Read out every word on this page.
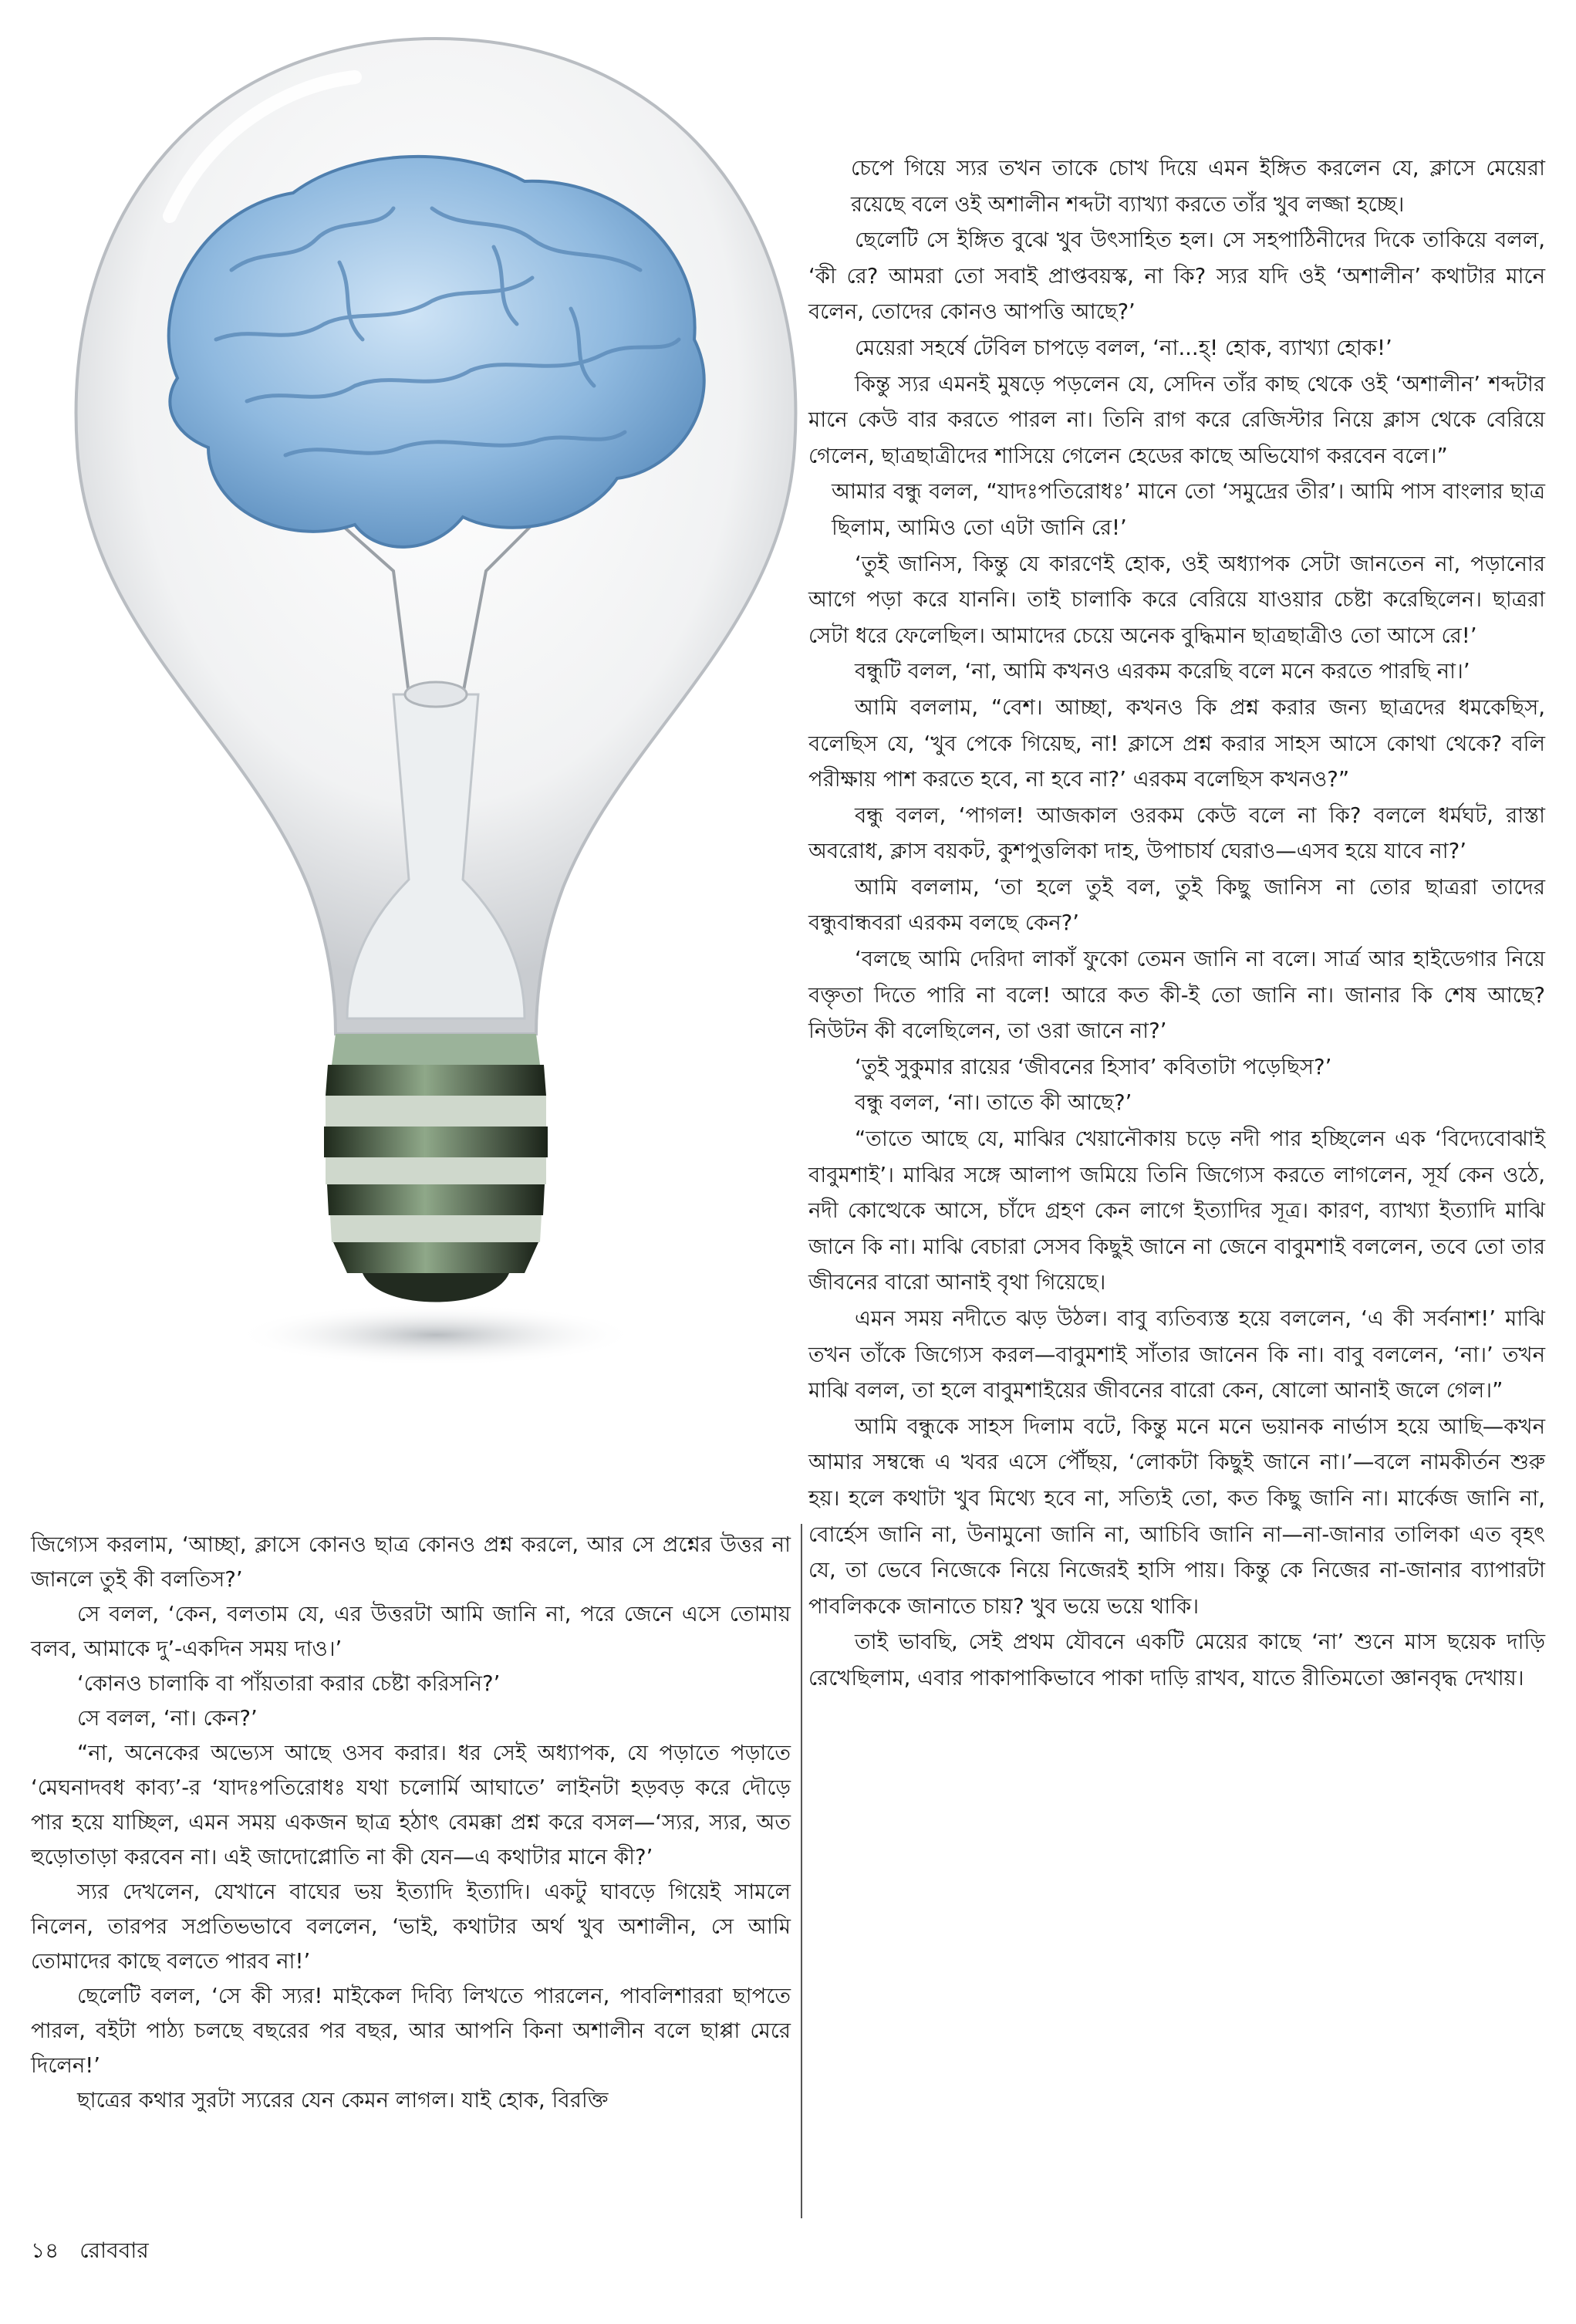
চেপে গিয়ে স্যর তখন তাকে চোখ দিয়ে এমন ইঙ্গিত করলেন যে, ক্লাসে মেয়েরা রয়েছে বলে ওই অশালীন শব্দটা ব্যাখ্যা করতে তাঁর খুব লজ্জা হচ্ছে।

ছেলেটি সে ইঙ্গিত বুঝে খুব উৎসাহিত হল। সে সহপাঠিনীদের দিকে তাকিয়ে বলল, ‘কী রে? আমরা তো সবাই প্রাপ্তবয়স্ক, না কি? স্যর যদি ওই ‘অশালীন’ কথাটার মানে বলেন, তোদের কোনও আপত্তি আছে?’

মেয়েরা সহর্ষে টেবিল চাপড়ে বলল, ‘না...হ্‌! হোক, ব্যাখ্যা হোক!’

কিন্তু স্যর এমনই মুষড়ে পড়লেন যে, সেদিন তাঁর কাছ থেকে ওই ‘অশালীন’ শব্দটার মানে কেউ বার করতে পারল না। তিনি রাগ করে রেজিস্টার নিয়ে ক্লাস থেকে বেরিয়ে গেলেন, ছাত্রছাত্রীদের শাসিয়ে গেলেন হেডের কাছে অভিযোগ করবেন বলে।”

আমার বন্ধু বলল, “যাদঃপতিরোধঃ’ মানে তো ‘সমুদ্রের তীর’। আমি পাস বাংলার ছাত্র ছিলাম, আমিও তো এটা জানি রে!’

‘তুই জানিস, কিন্তু যে কারণেই হোক, ওই অধ্যাপক সেটা জানতেন না, পড়ানোর আগে পড়া করে যাননি। তাই চালাকি করে বেরিয়ে যাওয়ার চেষ্টা করেছিলেন। ছাত্ররা সেটা ধরে ফেলেছিল। আমাদের চেয়ে অনেক বুদ্ধিমান ছাত্রছাত্রীও তো আসে রে!’

বন্ধুটি বলল, ‘না, আমি কখনও এরকম করেছি বলে মনে করতে পারছি না।’

আমি বললাম, “বেশ। আচ্ছা, কখনও কি প্রশ্ন করার জন্য ছাত্রদের ধমকেছিস, বলেছিস যে, ‘খুব পেকে গিয়েছ, না! ক্লাসে প্রশ্ন করার সাহস আসে কোথা থেকে? বলি পরীক্ষায় পাশ করতে হবে, না হবে না?’ এরকম বলেছিস কখনও?”

বন্ধু বলল, ‘পাগল! আজকাল ওরকম কেউ বলে না কি? বললে ধর্মঘট, রাস্তা অবরোধ, ক্লাস বয়কট, কুশপুত্তলিকা দাহ, উপাচার্য ঘেরাও—এসব হয়ে যাবে না?’

আমি বললাম, ‘তা হলে তুই বল, তুই কিছু জানিস না তোর ছাত্ররা তাদের বন্ধুবান্ধবরা এরকম বলছে কেন?’

‘বলছে আমি দেরিদা লাকাঁ ফুকো তেমন জানি না বলে। সার্ত্র আর হাইডেগার নিয়ে বক্তৃতা দিতে পারি না বলে! আরে কত কী-ই তো জানি না। জানার কি শেষ আছে? নিউটন কী বলেছিলেন, তা ওরা জানে না?’

‘তুই সুকুমার রায়ের ‘জীবনের হিসাব’ কবিতাটা পড়েছিস?’

বন্ধু বলল, ‘না। তাতে কী আছে?’

“তাতে আছে যে, মাঝির খেয়ানৌকায় চড়ে নদী পার হচ্ছিলেন এক ‘বিদ্যেবোঝাই বাবুমশাই’। মাঝির সঙ্গে আলাপ জমিয়ে তিনি জিগ্যেস করতে লাগলেন, সূর্য কেন ওঠে, নদী কোত্থেকে আসে, চাঁদে গ্রহণ কেন লাগে ইত্যাদির সূত্র। কারণ, ব্যাখ্যা ইত্যাদি মাঝি জানে কি না। মাঝি বেচারা সেসব কিছুই জানে না জেনে বাবুমশাই বললেন, তবে তো তার জীবনের বারো আনাই বৃথা গিয়েছে।

এমন সময় নদীতে ঝড় উঠল। বাবু ব্যতিব্যস্ত হয়ে বললেন, ‘এ কী সর্বনাশ!’ মাঝি তখন তাঁকে জিগ্যেস করল—বাবুমশাই সাঁতার জানেন কি না। বাবু বললেন, ‘না।’ তখন মাঝি বলল, তা হলে বাবুমশাইয়ের জীবনের বারো কেন, ষোলো আনাই জলে গেল।”

আমি বন্ধুকে সাহস দিলাম বটে, কিন্তু মনে মনে ভয়ানক নার্ভাস হয়ে আছি—কখন আমার সম্বন্ধে এ খবর এসে পৌঁছয়, ‘লোকটা কিছুই জানে না।’—বলে নামকীর্তন শুরু হয়। হলে কথাটা খুব মিথ্যে হবে না, সত্যিই তো, কত কিছু জানি না। মার্কেজ জানি না, বোর্হেস জানি না, উনামুনো জানি না, আচিবি জানি না—না-জানার তালিকা এত বৃহৎ যে, তা ভেবে নিজেকে নিয়ে নিজেরই হাসি পায়। কিন্তু কে নিজের না-জানার ব্যাপারটা পাবলিককে জানাতে চায়? খুব ভয়ে ভয়ে থাকি।

তাই ভাবছি, সেই প্রথম যৌবনে একটি মেয়ের কাছে ‘না’ শুনে মাস ছয়েক দাড়ি রেখেছিলাম, এবার পাকাপাকিভাবে পাকা দাড়ি রাখব, যাতে রীতিমতো জ্ঞানবৃদ্ধ দেখায়।

জিগ্যেস করলাম, ‘আচ্ছা, ক্লাসে কোনও ছাত্র কোনও প্রশ্ন করলে, আর সে প্রশ্নের উত্তর না জানলে তুই কী বলতিস?’

সে বলল, ‘কেন, বলতাম যে, এর উত্তরটা আমি জানি না, পরে জেনে এসে তোমায় বলব, আমাকে দু’-একদিন সময় দাও।’

‘কোনও চালাকি বা পাঁয়তারা করার চেষ্টা করিসনি?’

সে বলল, ‘না। কেন?’

“না, অনেকের অভ্যেস আছে ওসব করার। ধর সেই অধ্যাপক, যে পড়াতে পড়াতে ‘মেঘনাদবধ কাব্য’-র ‘যাদঃপতিরোধঃ যথা চলোর্মি আঘাতে’ লাইনটা হড়বড় করে দৌড়ে পার হয়ে যাচ্ছিল, এমন সময় একজন ছাত্র হঠাৎ বেমক্কা প্রশ্ন করে বসল—‘স্যর, স্যর, অত হুড়োতাড়া করবেন না। এই জাদোপ্লোতি না কী যেন—এ কথাটার মানে কী?’

স্যর দেখলেন, যেখানে বাঘের ভয় ইত্যাদি ইত্যাদি। একটু ঘাবড়ে গিয়েই সামলে নিলেন, তারপর সপ্রতিভভাবে বললেন, ‘ভাই, কথাটার অর্থ খুব অশালীন, সে আমি তোমাদের কাছে বলতে পারব না!’

ছেলেটি বলল, ‘সে কী স্যর! মাইকেল দিব্যি লিখতে পারলেন, পাবলিশাররা ছাপতে পারল, বইটা পাঠ্য চলছে বছরের পর বছর, আর আপনি কিনা অশালীন বলে ছাপ্পা মেরে দিলেন!’

ছাত্রের কথার সুরটা স্যরের যেন কেমন লাগল। যাই হোক, বিরক্তি

১৪ রোববার
